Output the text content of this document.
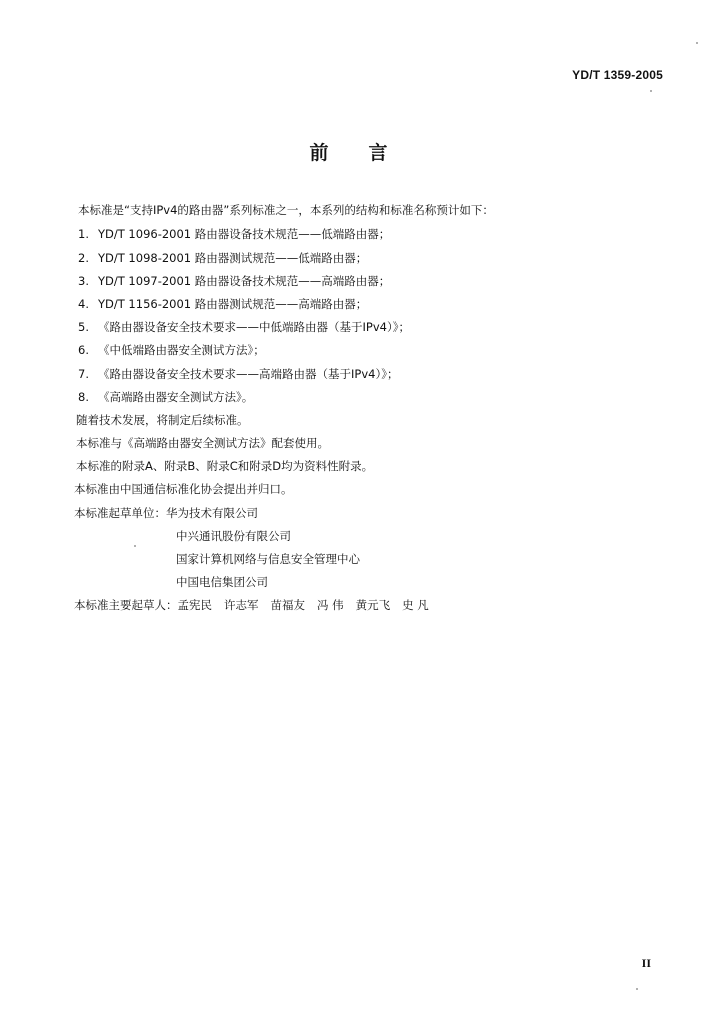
YD/T 1359-2005
前言
本标准是“支持IPv4的路由器”系列标准之一，本系列的结构和标准名称预计如下：
1. YD/T 1096-2001 路由器设备技术规范——低端路由器；
2. YD/T 1098-2001 路由器测试规范——低端路由器；
3. YD/T 1097-2001 路由器设备技术规范——高端路由器；
4. YD/T 1156-2001 路由器测试规范——高端路由器；
5. 《路由器设备安全技术要求——中低端路由器（基于IPv4）》；
6. 《中低端路由器安全测试方法》；
7. 《路由器设备安全技术要求——高端路由器（基于IPv4）》；
8. 《高端路由器安全测试方法》。
随着技术发展，将制定后续标准。
本标准与《高端路由器安全测试方法》配套使用。
本标准的附录A、附录B、附录C和附录D均为资料性附录。
本标准由中国通信标准化协会提出并归口。
本标准起草单位：华为技术有限公司
中兴通讯股份有限公司
国家计算机网络与信息安全管理中心
中国电信集团公司
本标准主要起草人：孟宪民 许志军 苗福友 冯 伟 黄元飞 史 凡
II
